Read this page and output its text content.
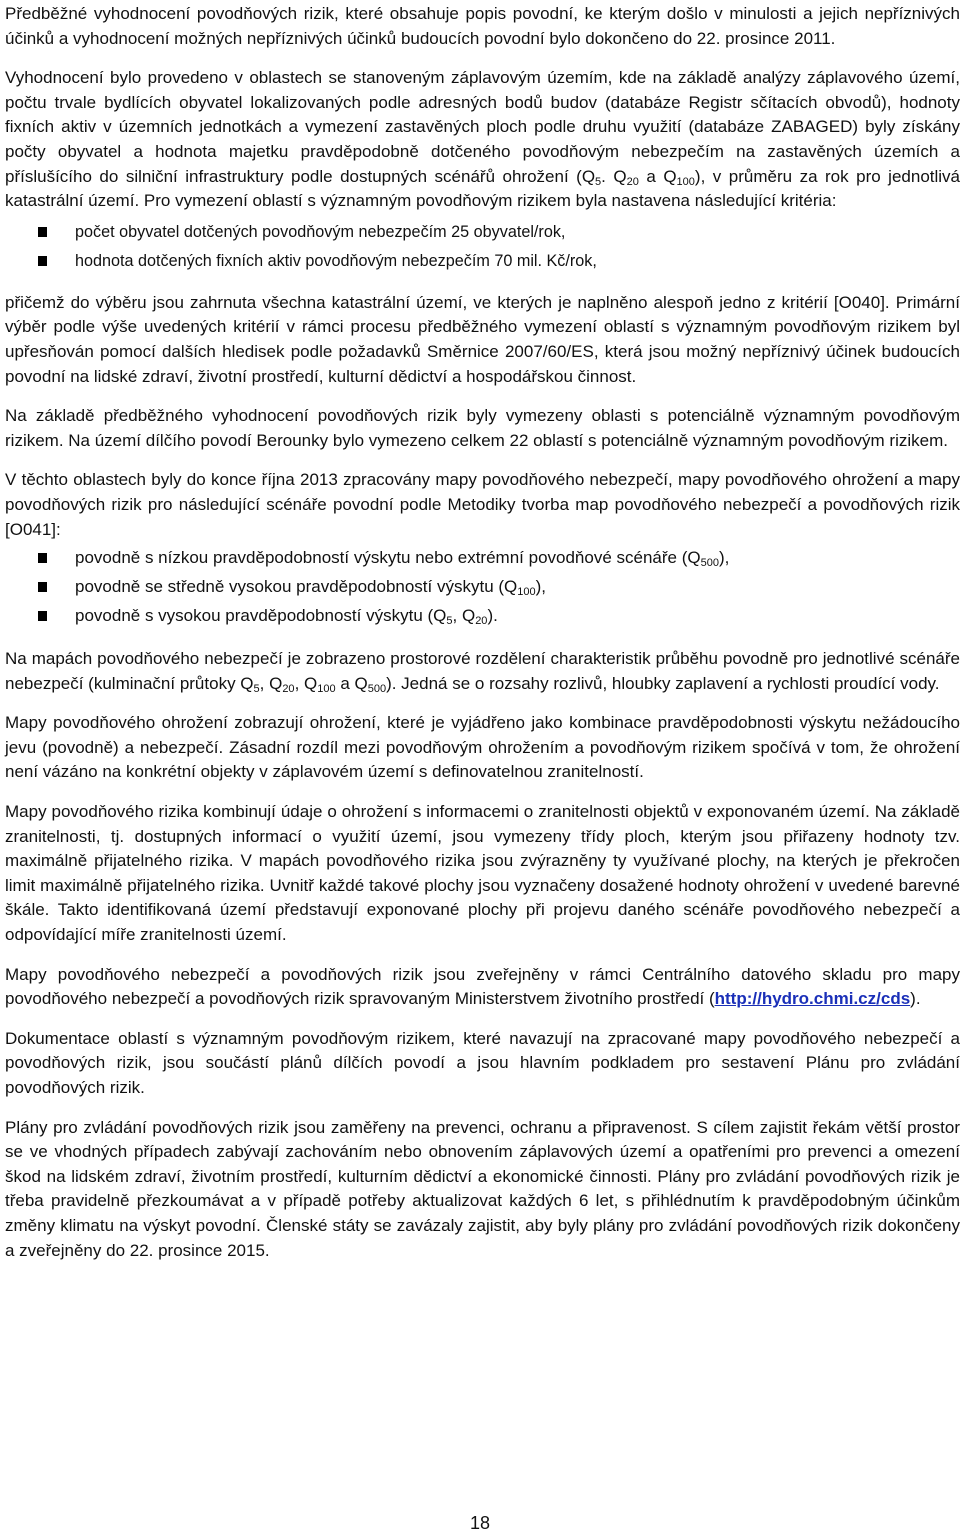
Předběžné vyhodnocení povodňových rizik, které obsahuje popis povodní, ke kterým došlo v minulosti a jejich nepříznivých účinků a vyhodnocení možných nepříznivých účinků budoucích povodní bylo dokončeno do 22. prosince 2011.

Vyhodnocení bylo provedeno v oblastech se stanoveným záplavovým územím, kde na základě analýzy záplavového území, počtu trvale bydlících obyvatel lokalizovaných podle adresných bodů budov (databáze Registr sčítacích obvodů), hodnoty fixních aktiv v územních jednotkách a vymezení zastavěných ploch podle druhu využití (databáze ZABAGED) byly získány počty obyvatel a hodnota majetku pravděpodobně dotčeného povodňovým nebezpečím na zastavěných územích a příslušícího do silniční infrastruktury podle dostupných scénářů ohrožení ($Q_5$. $Q_{20}$ a $Q_{100}$), v průměru za rok pro jednotlivá katastrální území. Pro vymezení oblastí s významným povodňovým rizikem byla nastavena následující kritéria:

počet obyvatel dotčených povodňovým nebezpečím 25 obyvatel/rok,
hodnota dotčených fixních aktiv povodňovým nebezpečím 70 mil. Kč/rok,

přičemž do výběru jsou zahrnuta všechna katastrální území, ve kterých je naplněno alespoň jedno z kritérií [O040]. Primární výběr podle výše uvedených kritérií v rámci procesu předběžného vymezení oblastí s významným povodňovým rizikem byl upřesňován pomocí dalších hledisek podle požadavků Směrnice 2007/60/ES, která jsou možný nepříznivý účinek budoucích povodní na lidské zdraví, životní prostředí, kulturní dědictví a hospodářskou činnost.

Na základě předběžného vyhodnocení povodňových rizik byly vymezeny oblasti s potenciálně významným povodňovým rizikem. Na území dílčího povodí Berounky bylo vymezeno celkem 22 oblastí s potenciálně významným povodňovým rizikem.

V těchto oblastech byly do konce října 2013 zpracovány mapy povodňového nebezpečí, mapy povodňového ohrožení a mapy povodňových rizik pro následující scénáře povodní podle Metodiky tvorba map povodňového nebezpečí a povodňových rizik [O041]:

povodně s nízkou pravděpodobností výskytu nebo extrémní povodňové scénáře $(Q_{500})$,
povodně se středně vysokou pravděpodobností výskytu $(Q_{100})$,
povodně s vysokou pravděpodobností výskytu ($Q_5$, $Q_{20}$).

Na mapách povodňového nebezpečí je zobrazeno prostorové rozdělení charakteristik průběhu povodně pro jednotlivé scénáře nebezpečí (kulminační průtoky $Q_5$, $Q_{20}$, $Q_{100}$ a $Q_{500}$). Jedná se o rozsahy rozlivů, hloubky zaplavení a rychlosti proudící vody.

Mapy povodňového ohrožení zobrazují ohrožení, které je vyjádřeno jako kombinace pravděpodobnosti výskytu nežádoucího jevu (povodně) a nebezpečí. Zásadní rozdíl mezi povodňovým ohrožením a povodňovým rizikem spočívá v tom, že ohrožení není vázáno na konkrétní objekty v záplavovém území s definovatelnou zranitelností.

Mapy povodňového rizika kombinují údaje o ohrožení s informacemi o zranitelnosti objektů v exponovaném území. Na základě zranitelnosti, tj. dostupných informací o využití území, jsou vymezeny třídy ploch, kterým jsou přiřazeny hodnoty tzv. maximálně přijatelného rizika. V mapách povodňového rizika jsou zvýrazněny ty využívané plochy, na kterých je překročen limit maximálně přijatelného rizika. Uvnitř každé takové plochy jsou vyznačeny dosažené hodnoty ohrožení v uvedené barevné škále. Takto identifikovaná území představují exponované plochy při projevu daného scénáře povodňového nebezpečí a odpovídající míře zranitelnosti území.

Mapy povodňového nebezpečí a povodňových rizik jsou zveřejněny v rámci Centrálního datového skladu pro mapy povodňového nebezpečí a povodňových rizik spravovaným Ministerstvem životního prostředí (http://hydro.chmi.cz/cds).

Dokumentace oblastí s významným povodňovým rizikem, které navazují na zpracované mapy povodňového nebezpečí a povodňových rizik, jsou součástí plánů dílčích povodí a jsou hlavním podkladem pro sestavení Plánu pro zvládání povodňových rizik.

Plány pro zvládání povodňových rizik jsou zaměřeny na prevenci, ochranu a připravenost. S cílem zajistit řekám větší prostor se ve vhodných případech zabývají zachováním nebo obnovením záplavových území a opatřeními pro prevenci a omezení škod na lidském zdraví, životním prostředí, kulturním dědictví a ekonomické činnosti. Plány pro zvládání povodňových rizik je třeba pravidelně přezkoumávat a v případě potřeby aktualizovat každých 6 let, s přihlédnutím k pravděpodobným účinkům změny klimatu na výskyt povodní. Členské státy se zavázaly zajistit, aby byly plány pro zvládání povodňových rizik dokončeny a zveřejněny do 22. prosince 2015.

18
